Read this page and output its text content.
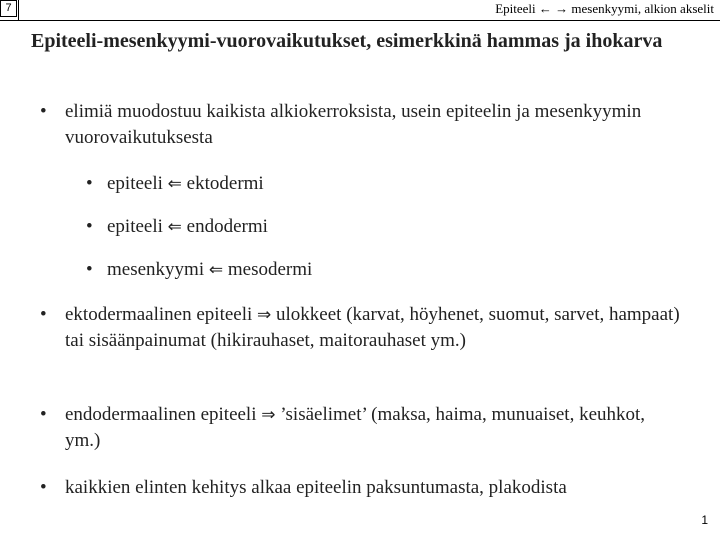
7	Epiteeli ← → mesenkyymi, alkion akselit
Epiteeli-mesenkyymi-vuorovaikutukset, esimerkkinä hammas ja ihokarva
• elimiä muodostuu kaikista alkiokerroksista, usein epiteelin ja mesenkyymin vuorovaikutuksesta
• epiteeli ⇐ ektodermi
• epiteeli ⇐ endodermi
• mesenkyymi ⇐ mesodermi
• ektodermaalinen epiteeli ⇒ ulokkeet (karvat, höyhenet, suomut, sarvet, hampaat) tai sisäänpainumat (hikirauhaset, maitorauhaset ym.)
• endodermaalinen epiteeli ⇒ ’sisäelimet’ (maksa, haima, munuaiset, keuhkot, ym.)
• kaikkien elinten kehitys alkaa epiteelin paksuntumasta, plakodista
1
